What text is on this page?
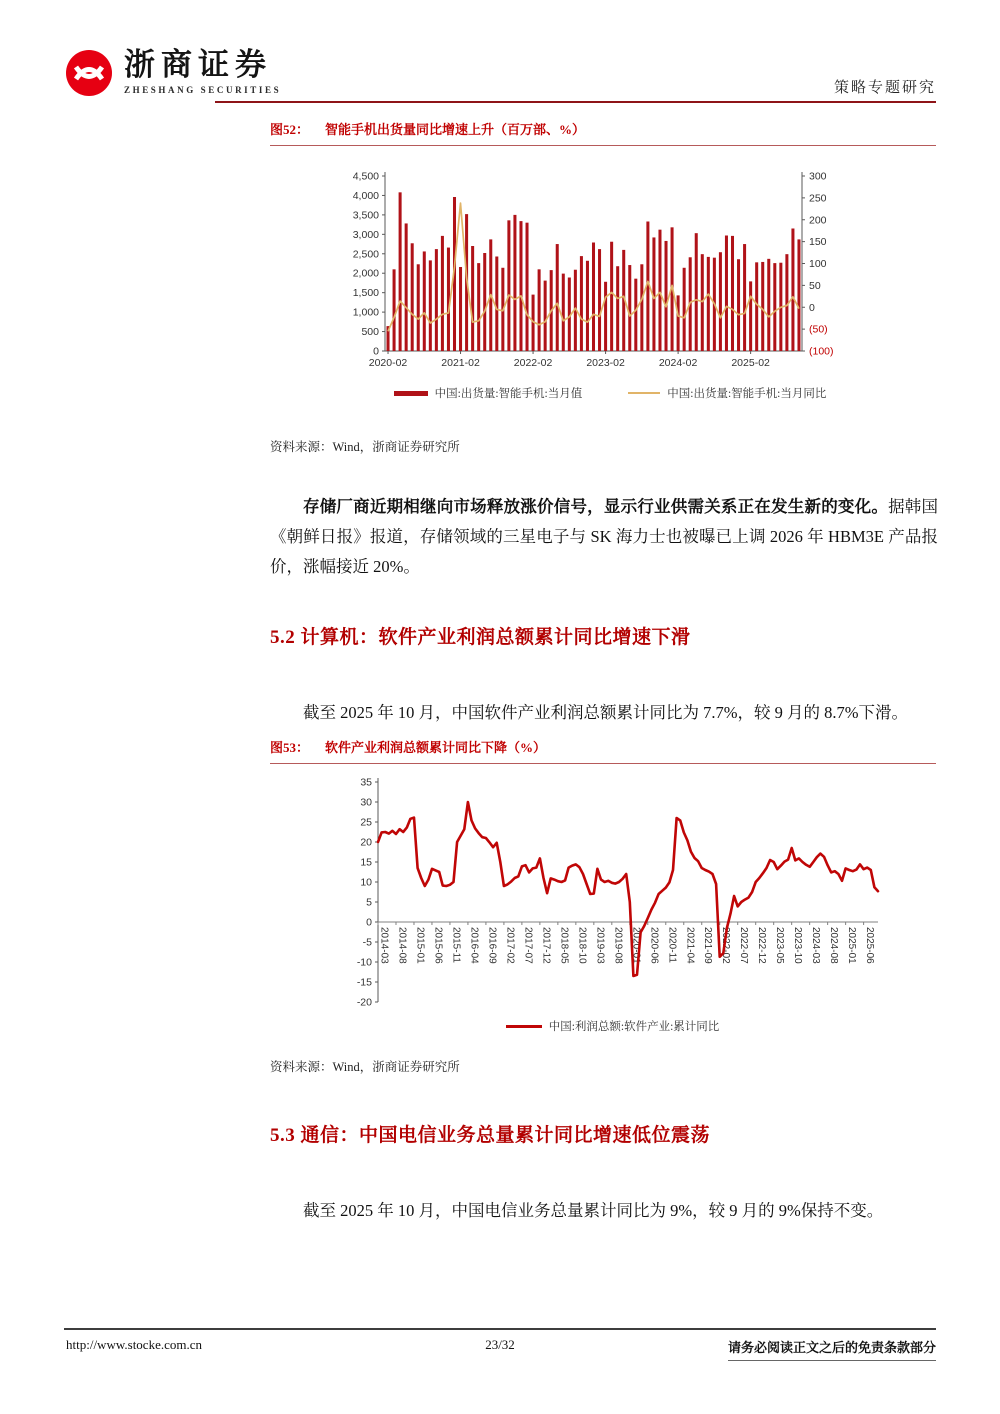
浙商证券
ZHESHANG SECURITIES	策略专题研究
图52： 智能手机出货量同比增速上升（百万部、%）
4,500
4,000
3,500
3,000
2,500
2,000
1,500
1,000
500
0
300
250
200
150
100
50
0
(50)
(100)
2020-02	2021-02	2022-02	2023-02	2024-02	2025-02
中国:出货量:智能手机:当月值	中国:出货量:智能手机:当月同比
资料来源：Wind，浙商证券研究所
存储厂商近期相继向市场释放涨价信号，显示行业供需关系正在发生新的变化。据韩国《朝鲜日报》报道，存储领域的三星电子与 SK 海力士也被曝已上调 2026 年 HBM3E 产品报价，涨幅接近 20%。
5.2 计算机：软件产业利润总额累计同比增速下滑
截至 2025 年 10 月，中国软件产业利润总额累计同比为 7.7%，较 9 月的 8.7%下滑。
图53： 软件产业利润总额累计同比下降（%）
35
30
25
20
15
10
5
0
-5
-10
-15
-20
2014-03 2014-08 2015-01 2015-06 2015-11 2016-04 2016-09 2017-02 2017-07 2017-12 2018-05 2018-10 2019-03 2019-08 2020-01 2020-06 2020-11 2021-04 2021-09 2022-02 2022-07 2022-12 2023-05 2023-10 2024-03 2024-08 2025-01 2025-06
中国:利润总额:软件产业:累计同比
资料来源：Wind，浙商证券研究所
5.3 通信：中国电信业务总量累计同比增速低位震荡
截至 2025 年 10 月，中国电信业务总量累计同比为 9%，较 9 月的 9%保持不变。
http://www.stocke.com.cn	23/32	请务必阅读正文之后的免责条款部分
